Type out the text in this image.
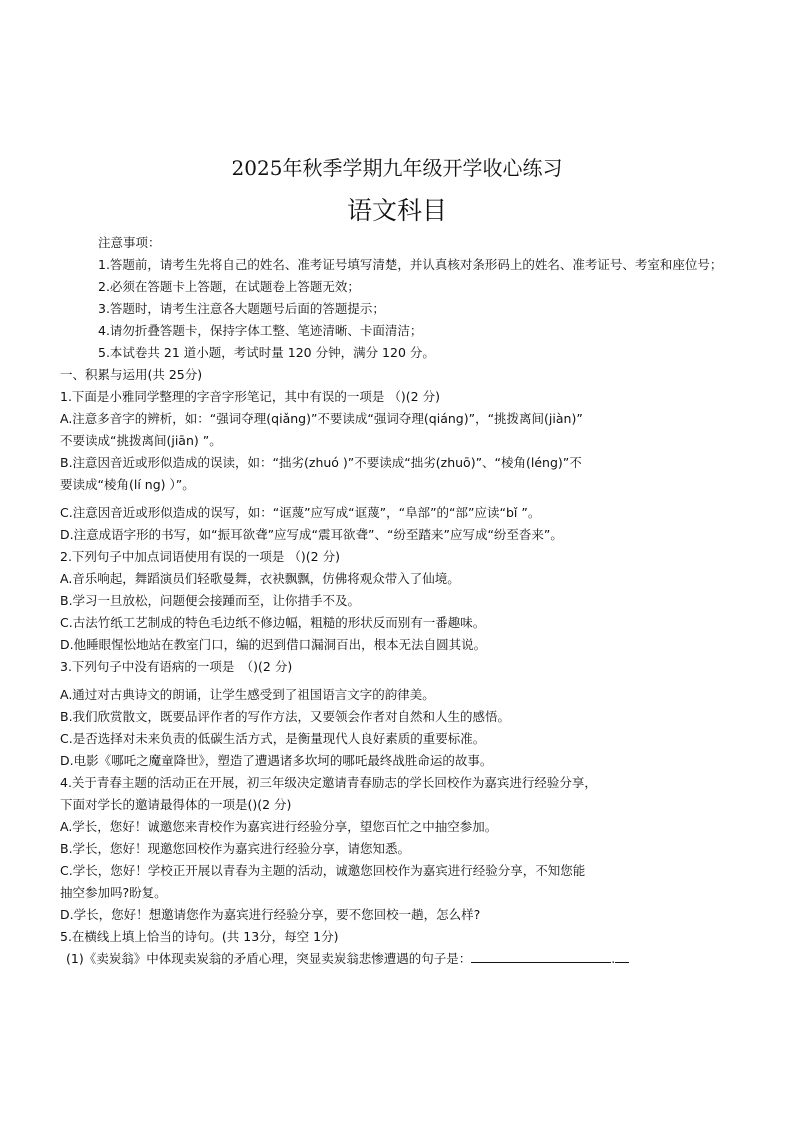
2025年秋季学期九年级开学收心练习
语文科目
注意事项：
1.答题前，请考生先将自己的姓名、准考证号填写清楚，并认真核对条形码上的姓名、准考证号、考室和座位号；
2.必须在答题卡上答题，在试题卷上答题无效；
3.答题时，请考生注意各大题题号后面的答题提示；
4.请勿折叠答题卡，保持字体工整、笔迹清晰、卡面清洁；
5.本试卷共 21 道小题，考试时量 120 分钟，满分 120 分。
一、积累与运用(共 25分)
1.下面是小雅同学整理的字音字形笔记，其中有误的一项是 （)(2 分)
A.注意多音字的辨析，如：“强词夺理(qiǎng)”不要读成“强词夺理(qiáng)”，“挑拨离间(jiàn)”
不要读成“挑拨离间(jiān) ”。
B.注意因音近或形似造成的误读，如：“拙劣(zhuó )”不要读成“拙劣(zhuō)”、“棱角(léng)”不
要读成“棱角(lí ng) ）”。
C.注意因音近或形似造成的误写，如：“诓蔑”应写成“诓蔑”，“阜部”的“部”应读“bǐ ”。
D.注意成语字形的书写，如“振耳欲聋”应写成“震耳欲聋”、“纷至踏来”应写成“纷至沓来”。
2.下列句子中加点词语使用有误的一项是 （)(2 分)
A.音乐响起，舞蹈演员们轻歌曼舞，衣袂飘飘，仿佛将观众带入了仙境。
B.学习一旦放松，问题便会接踵而至，让你措手不及。
C.古法竹纸工艺制成的特色毛边纸不修边幅，粗糙的形状反而别有一番趣味。
D.他睡眼惺忪地站在教室门口，编的迟到借口漏洞百出，根本无法自圆其说。
3.下列句子中没有语病的一项是　（)(2 分)
A.通过对古典诗文的朗诵，让学生感受到了祖国语言文字的韵律美。
B.我们欣赏散文，既要品评作者的写作方法，又要领会作者对自然和人生的感悟。
C.是否选择对未来负责的低碳生活方式，是衡量现代人良好素质的重要标准。
D.电影《哪吒之魔童降世》，塑造了遭遇诸多坎坷的哪吒最终战胜命运的故事。
4.关于青春主题的活动正在开展，初三年级决定邀请青春励志的学长回校作为嘉宾进行经验分享，
下面对学长的邀请最得体的一项是()(2 分)
A.学长，您好！诚邀您来青校作为嘉宾进行经验分享，望您百忙之中抽空参加。
B.学长，您好！现邀您回校作为嘉宾进行经验分享，请您知悉。
C.学长，您好！学校正开展以青春为主题的活动，诚邀您回校作为嘉宾进行经验分享，不知您能
抽空参加吗?盼复。
D.学长，您好！想邀请您作为嘉宾进行经验分享，要不您回校一趟，怎么样?
5.在横线上填上恰当的诗句。(共 13分，每空 1分)
(1)《卖炭翁》中体现卖炭翁的矛盾心理，突显卖炭翁悲惨遭遇的句子是：	.
